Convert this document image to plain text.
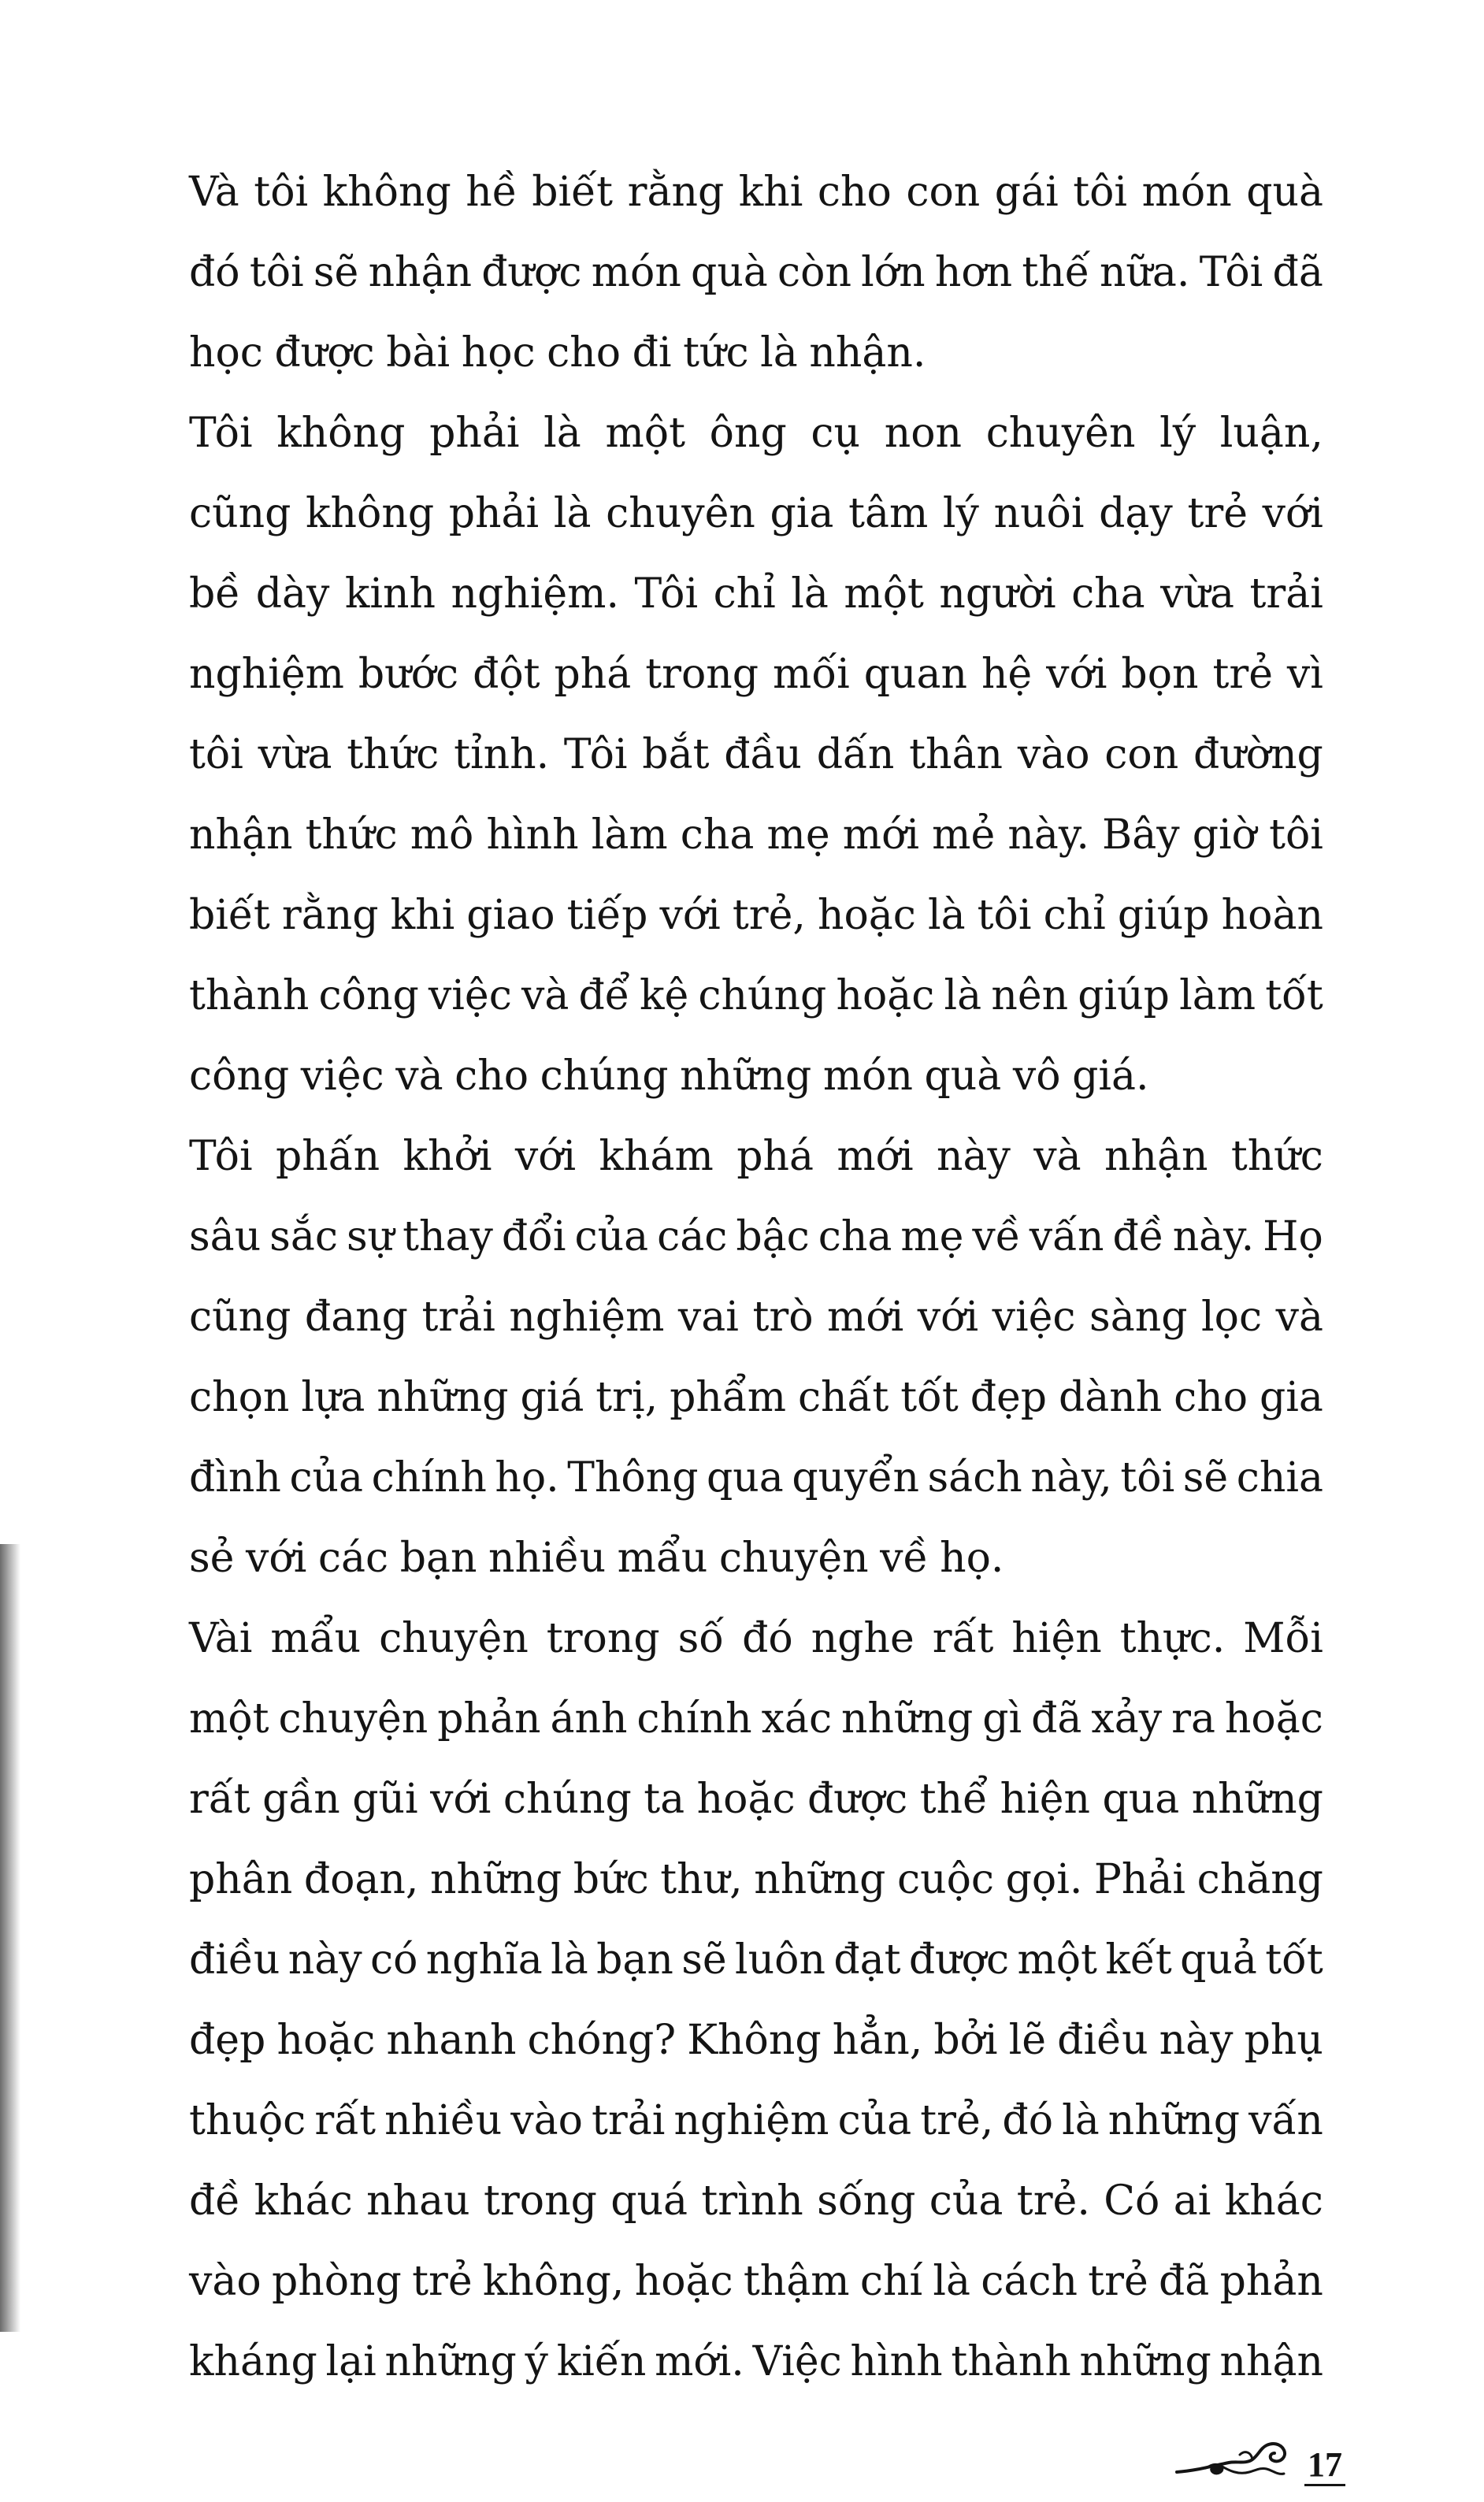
Và tôi không hề biết rằng khi cho con gái tôi món quà
đó tôi sẽ nhận được món quà còn lớn hơn thế nữa. Tôi đã
học được bài học cho đi tức là nhận.
Tôi không phải là một ông cụ non chuyên lý luận,
cũng không phải là chuyên gia tâm lý nuôi dạy trẻ với
bề dày kinh nghiệm. Tôi chỉ là một người cha vừa trải
nghiệm bước đột phá trong mối quan hệ với bọn trẻ vì
tôi vừa thức tỉnh. Tôi bắt đầu dấn thân vào con đường
nhận thức mô hình làm cha mẹ mới mẻ này. Bây giờ tôi
biết rằng khi giao tiếp với trẻ, hoặc là tôi chỉ giúp hoàn
thành công việc và để kệ chúng hoặc là nên giúp làm tốt
công việc và cho chúng những món quà vô giá.
Tôi phấn khởi với khám phá mới này và nhận thức
sâu sắc sự thay đổi của các bậc cha mẹ về vấn đề này. Họ
cũng đang trải nghiệm vai trò mới với việc sàng lọc và
chọn lựa những giá trị, phẩm chất tốt đẹp dành cho gia
đình của chính họ. Thông qua quyển sách này, tôi sẽ chia
sẻ với các bạn nhiều mẩu chuyện về họ.
Vài mẩu chuyện trong số đó nghe rất hiện thực. Mỗi
một chuyện phản ánh chính xác những gì đã xảy ra hoặc
rất gần gũi với chúng ta hoặc được thể hiện qua những
phân đoạn, những bức thư, những cuộc gọi. Phải chăng
điều này có nghĩa là bạn sẽ luôn đạt được một kết quả tốt
đẹp hoặc nhanh chóng? Không hẳn, bởi lẽ điều này phụ
thuộc rất nhiều vào trải nghiệm của trẻ, đó là những vấn
đề khác nhau trong quá trình sống của trẻ. Có ai khác
vào phòng trẻ không, hoặc thậm chí là cách trẻ đã phản
kháng lại những ý kiến mới. Việc hình thành những nhận
17
